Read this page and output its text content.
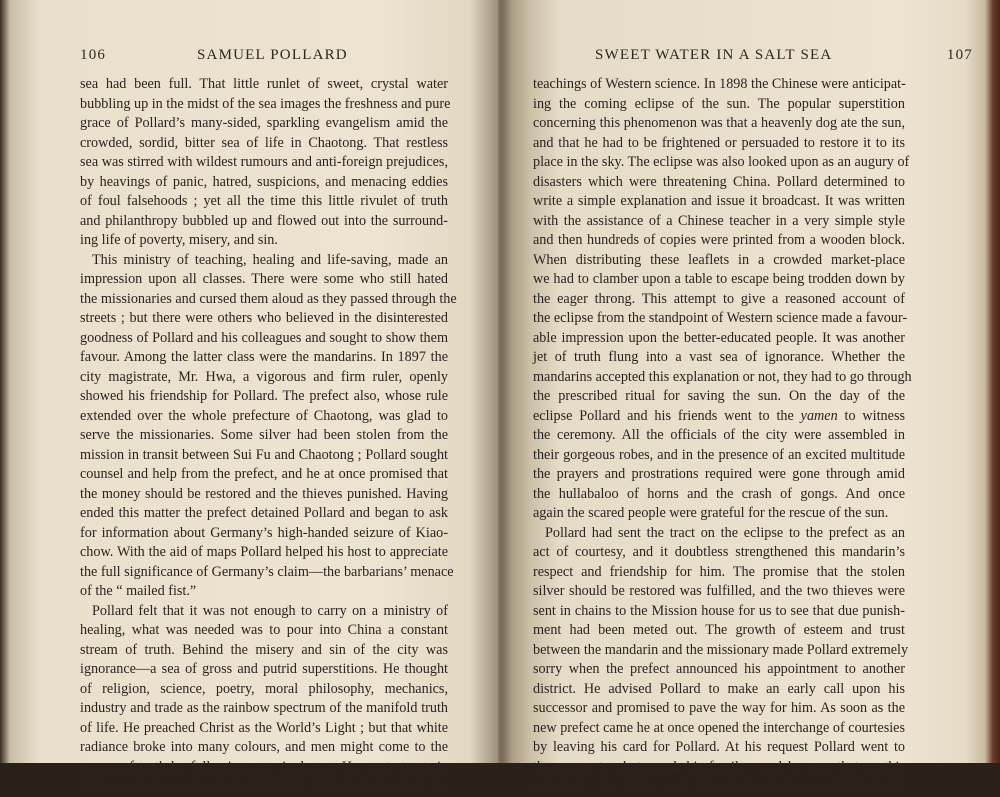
106	SAMUEL POLLARD
sea had been full. That little runlet of sweet, crystal water
bubbling up in the midst of the sea images the freshness and pure
grace of Pollard’s many-sided, sparkling evangelism amid the
crowded, sordid, bitter sea of life in Chaotong. That restless
sea was stirred with wildest rumours and anti-foreign prejudices,
by heavings of panic, hatred, suspicions, and menacing eddies
of foul falsehoods ; yet all the time this little rivulet of truth
and philanthropy bubbled up and flowed out into the surround-
ing life of poverty, misery, and sin.
This ministry of teaching, healing and life-saving, made an
impression upon all classes. There were some who still hated
the missionaries and cursed them aloud as they passed through the
streets ; but there were others who believed in the disinterested
goodness of Pollard and his colleagues and sought to show them
favour. Among the latter class were the mandarins. In 1897 the
city magistrate, Mr. Hwa, a vigorous and firm ruler, openly
showed his friendship for Pollard. The prefect also, whose rule
extended over the whole prefecture of Chaotong, was glad to
serve the missionaries. Some silver had been stolen from the
mission in transit between Sui Fu and Chaotong ; Pollard sought
counsel and help from the prefect, and he at once promised that
the money should be restored and the thieves punished. Having
ended this matter the prefect detained Pollard and began to ask
for information about Germany’s high-handed seizure of Kiao-
chow. With the aid of maps Pollard helped his host to appreciate
the full significance of Germany’s claim—the barbarians’ menace
of the “ mailed fist.”
Pollard felt that it was not enough to carry on a ministry of
healing, what was needed was to pour into China a constant
stream of truth. Behind the misery and sin of the city was
ignorance—a sea of gross and putrid superstitions. He thought
of religion, science, poetry, moral philosophy, mechanics,
industry and trade as the rainbow spectrum of the manifold truth
of life. He preached Christ as the World’s Light ; but that white
radiance broke into many colours, and men might come to the
source of truth by following any single ray. He wrote tracts in
Chinese upon aspects of the Christian faith and also upon the
SWEET WATER IN A SALT SEA	107
teachings of Western science. In 1898 the Chinese were anticipat-
ing the coming eclipse of the sun. The popular superstition
concerning this phenomenon was that a heavenly dog ate the sun,
and that he had to be frightened or persuaded to restore it to its
place in the sky. The eclipse was also looked upon as an augury of
disasters which were threatening China. Pollard determined to
write a simple explanation and issue it broadcast. It was written
with the assistance of a Chinese teacher in a very simple style
and then hundreds of copies were printed from a wooden block.
When distributing these leaflets in a crowded market-place
we had to clamber upon a table to escape being trodden down by
the eager throng. This attempt to give a reasoned account of
the eclipse from the standpoint of Western science made a favour-
able impression upon the better-educated people. It was another
jet of truth flung into a vast sea of ignorance. Whether the
mandarins accepted this explanation or not, they had to go through
the prescribed ritual for saving the sun. On the day of the
eclipse Pollard and his friends went to the yamen to witness
the ceremony. All the officials of the city were assembled in
their gorgeous robes, and in the presence of an excited multitude
the prayers and prostrations required were gone through amid
the hullabaloo of horns and the crash of gongs. And once
again the scared people were grateful for the rescue of the sun.
Pollard had sent the tract on the eclipse to the prefect as an
act of courtesy, and it doubtless strengthened this mandarin’s
respect and friendship for him. The promise that the stolen
silver should be restored was fulfilled, and the two thieves were
sent in chains to the Mission house for us to see that due punish-
ment had been meted out. The growth of esteem and trust
between the mandarin and the missionary made Pollard extremely
sorry when the prefect announced his appointment to another
district. He advised Pollard to make an early call upon his
successor and promised to pave the way for him. As soon as the
new prefect came he at once opened the interchange of courtesies
by leaving his card for Pollard. At his request Pollard went to
the yamen to photograph his family ; and he says that on this
occasion “ the ladies were dressed up in gorgeous fashion and
